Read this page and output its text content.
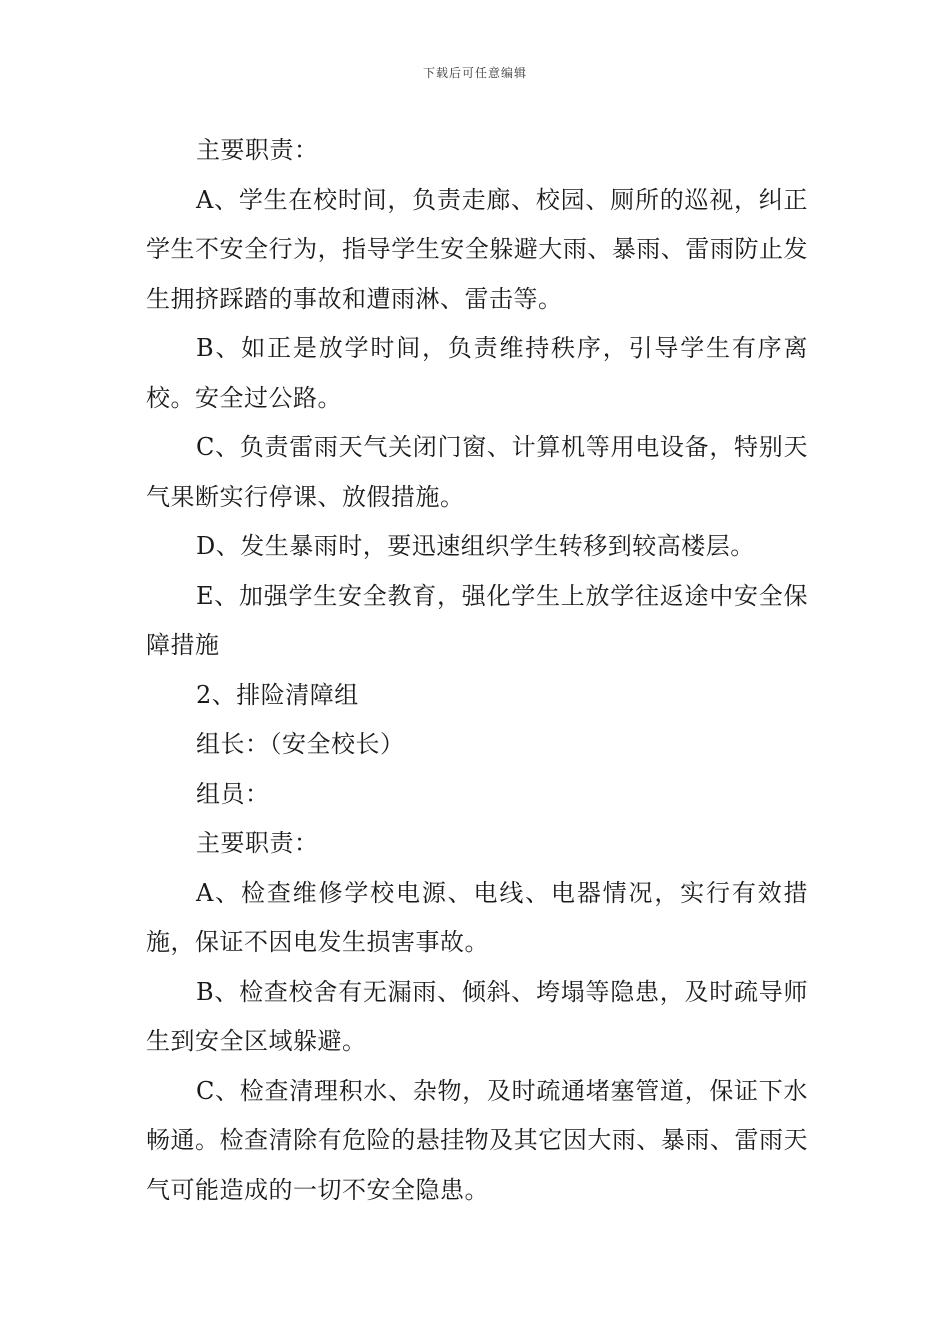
下载后可任意编辑

主要职责：

A、学生在校时间，负责走廊、校园、厕所的巡视，纠正学生不安全行为，指导学生安全躲避大雨、暴雨、雷雨防止发生拥挤踩踏的事故和遭雨淋、雷击等。

B、如正是放学时间，负责维持秩序，引导学生有序离校。安全过公路。

C、负责雷雨天气关闭门窗、计算机等用电设备，特别天气果断实行停课、放假措施。

D、发生暴雨时，要迅速组织学生转移到较高楼层。

E、加强学生安全教育，强化学生上放学往返途中安全保障措施

2、排险清障组

组长：（安全校长）

组员：

主要职责：

A、检查维修学校电源、电线、电器情况，实行有效措施，保证不因电发生损害事故。

B、检查校舍有无漏雨、倾斜、垮塌等隐患，及时疏导师生到安全区域躲避。

C、检查清理积水、杂物，及时疏通堵塞管道，保证下水畅通。检查清除有危险的悬挂物及其它因大雨、暴雨、雷雨天气可能造成的一切不安全隐患。
